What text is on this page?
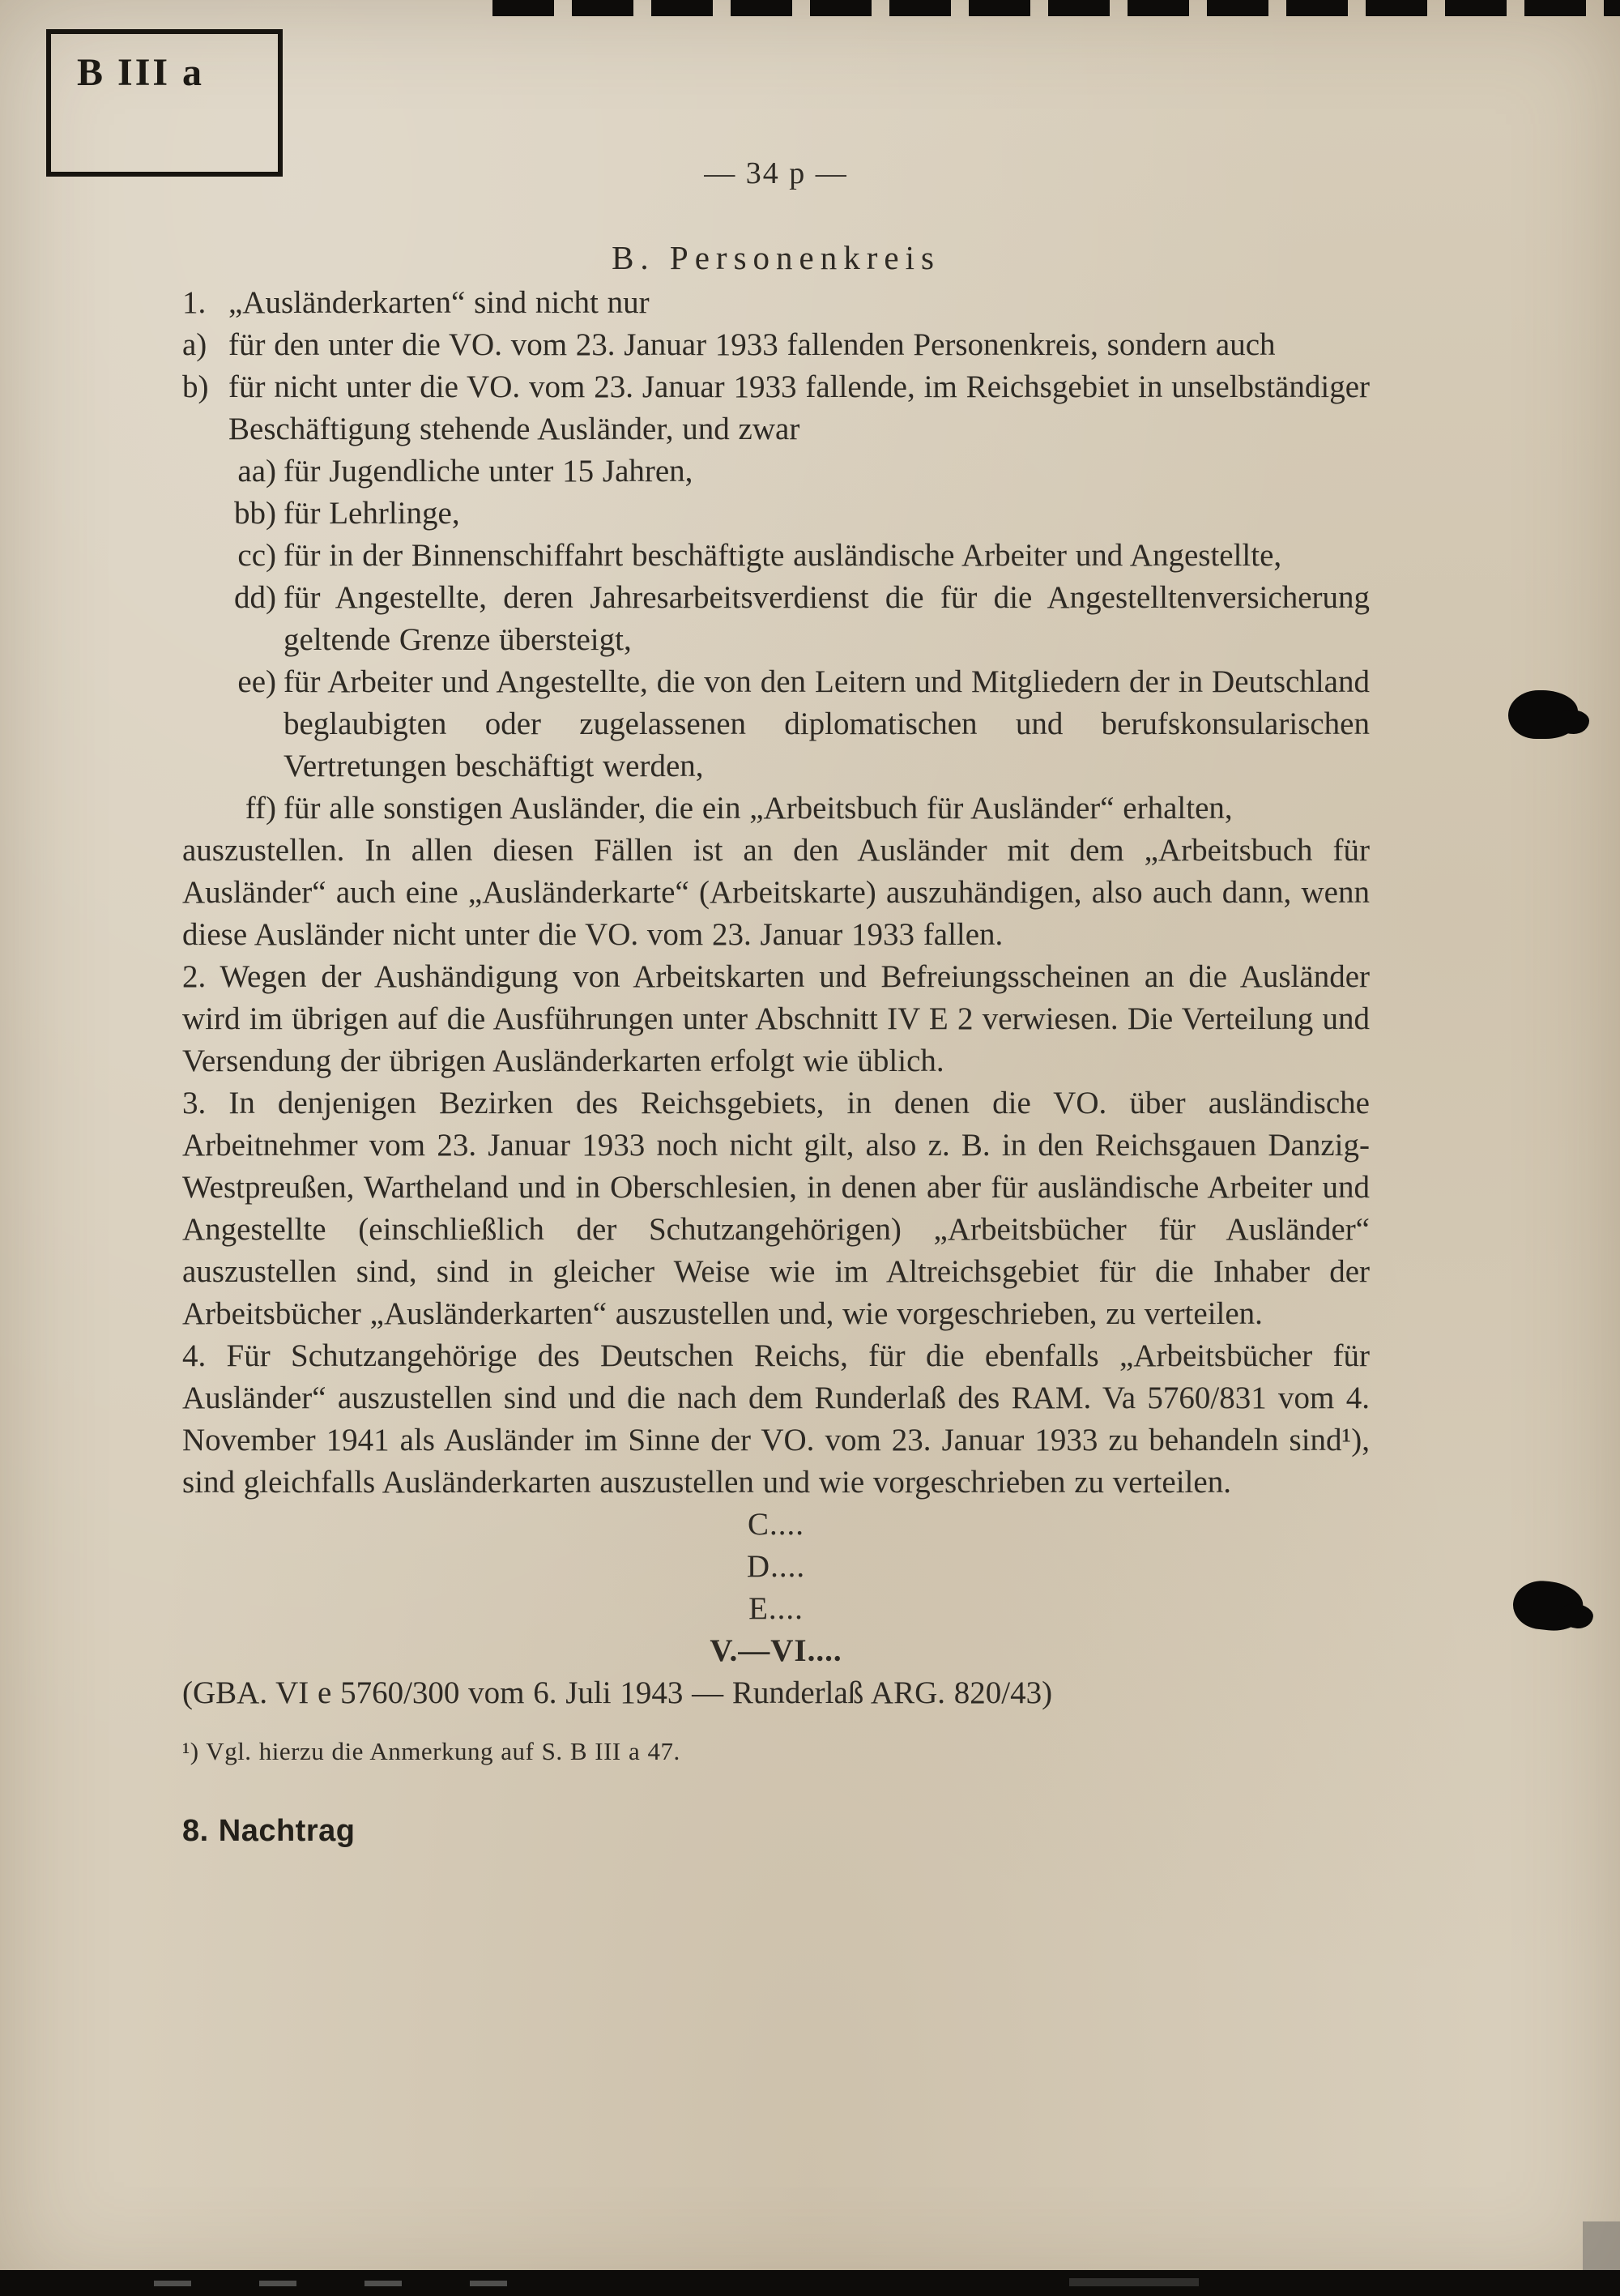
B III a
— 34 p —
B. Personenkreis

1. „Ausländerkarten“ sind nicht nur

a) für den unter die VO. vom 23. Januar 1933 fallenden Personenkreis, sondern auch

b) für nicht unter die VO. vom 23. Januar 1933 fallende, im Reichsgebiet in unselbständiger Beschäftigung stehende Ausländer, und zwar

aa) für Jugendliche unter 15 Jahren,

bb) für Lehrlinge,

cc) für in der Binnenschiffahrt beschäftigte ausländische Arbeiter und Angestellte,

dd) für Angestellte, deren Jahresarbeitsverdienst die für die Angestelltenversicherung geltende Grenze übersteigt,

ee) für Arbeiter und Angestellte, die von den Leitern und Mitgliedern der in Deutschland beglaubigten oder zugelassenen diplomatischen und berufskonsularischen Vertretungen beschäftigt werden,

ff) für alle sonstigen Ausländer, die ein „Arbeitsbuch für Ausländer“ erhalten,

auszustellen. In allen diesen Fällen ist an den Ausländer mit dem „Arbeitsbuch für Ausländer“ auch eine „Ausländerkarte“ (Arbeitskarte) auszuhändigen, also auch dann, wenn diese Ausländer nicht unter die VO. vom 23. Januar 1933 fallen.

2. Wegen der Aushändigung von Arbeitskarten und Befreiungsscheinen an die Ausländer wird im übrigen auf die Ausführungen unter Abschnitt IV E 2 verwiesen. Die Verteilung und Versendung der übrigen Ausländerkarten erfolgt wie üblich.

3. In denjenigen Bezirken des Reichsgebiets, in denen die VO. über ausländische Arbeitnehmer vom 23. Januar 1933 noch nicht gilt, also z. B. in den Reichsgauen Danzig-Westpreußen, Wartheland und in Oberschlesien, in denen aber für ausländische Arbeiter und Angestellte (einschließlich der Schutzangehörigen) „Arbeitsbücher für Ausländer“ auszustellen sind, sind in gleicher Weise wie im Altreichsgebiet für die Inhaber der Arbeitsbücher „Ausländerkarten“ auszustellen und, wie vorgeschrieben, zu verteilen.

4. Für Schutzangehörige des Deutschen Reichs, für die ebenfalls „Arbeitsbücher für Ausländer“ auszustellen sind und die nach dem Runderlaß des RAM. Va 5760/831 vom 4. November 1941 als Ausländer im Sinne der VO. vom 23. Januar 1933 zu behandeln sind¹), sind gleichfalls Ausländerkarten auszustellen und wie vorgeschrieben zu verteilen.

C....

D....

E....

V.—VI....

(GBA. VI e 5760/300 vom 6. Juli 1943 — Runderlaß ARG. 820/43)

¹) Vgl. hierzu die Anmerkung auf S. B III a 47.
8. Nachtrag
